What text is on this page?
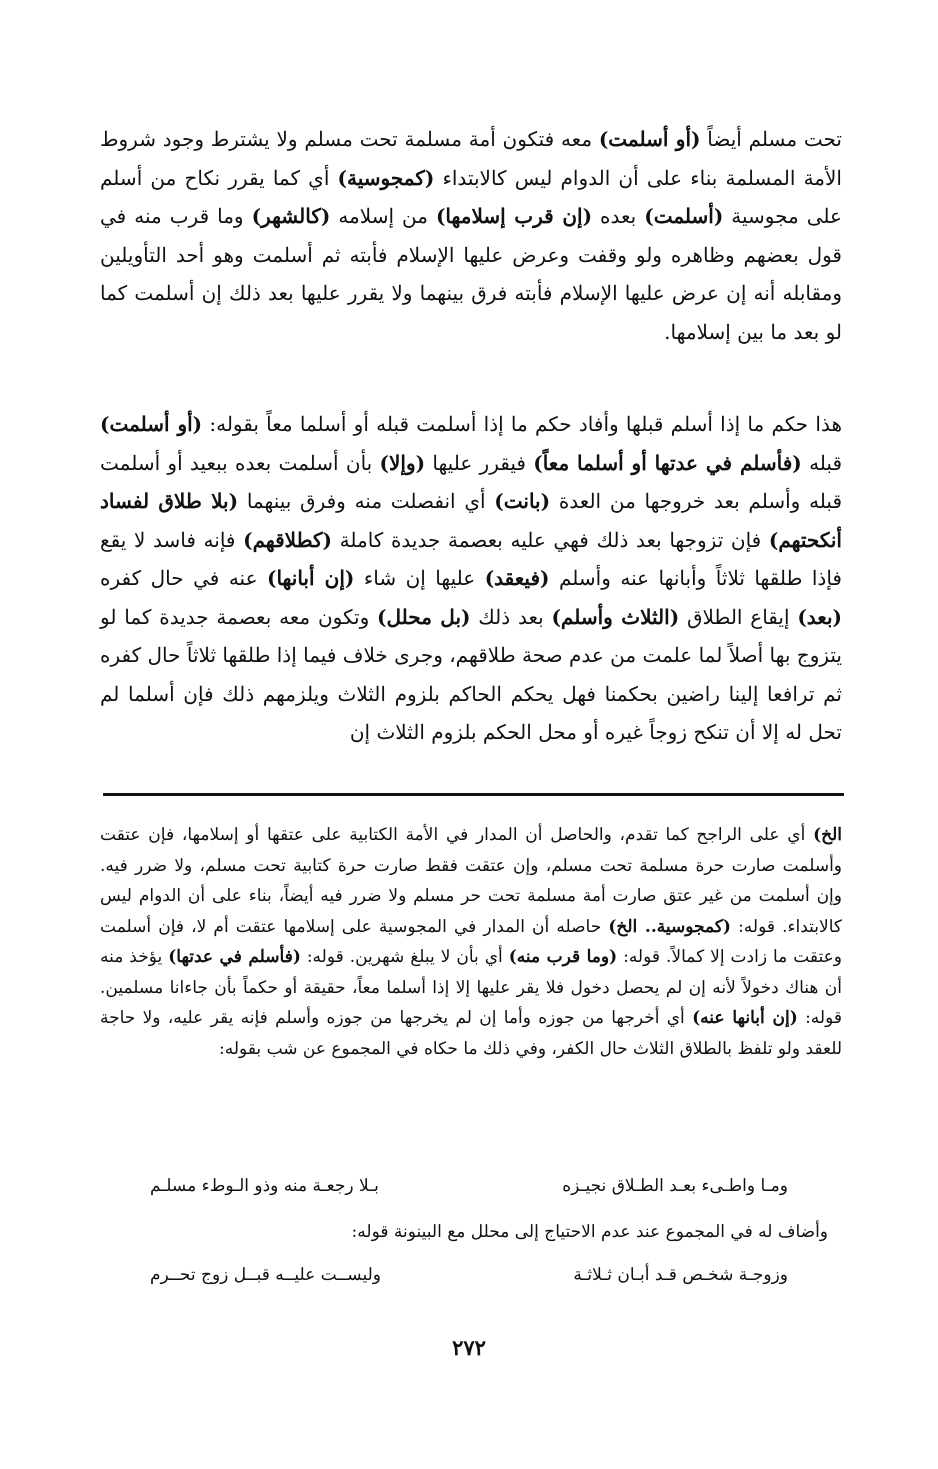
تحت مسلم أيضاً (أو أسلمت) معه فتكون أمة مسلمة تحت مسلم ولا يشترط وجود شروط الأمة المسلمة بناء على أن الدوام ليس كالابتداء (كمجوسية) أي كما يقرر نكاح من أسلم على مجوسية (أسلمت) بعده (إن قرب إسلامها) من إسلامه (كالشهر) وما قرب منه في قول بعضهم وظاهره ولو وقفت وعرض عليها الإسلام فأبته ثم أسلمت وهو أحد التأويلين ومقابله أنه إن عرض عليها الإسلام فأبته فرق بينهما ولا يقرر عليها بعد ذلك إن أسلمت كما لو بعد ما بين إسلامها.
هذا حكم ما إذا أسلم قبلها وأفاد حكم ما إذا أسلمت قبله أو أسلما معاً بقوله: (أو أسلمت) قبله (فأسلم في عدتها أو أسلما معاً) فيقرر عليها (وإلا) بأن أسلمت بعده ببعيد أو أسلمت قبله وأسلم بعد خروجها من العدة (بانت) أي انفصلت منه وفرق بينهما (بلا طلاق لفساد أنكحتهم) فإن تزوجها بعد ذلك فهي عليه بعصمة جديدة كاملة (كطلاقهم) فإنه فاسد لا يقع فإذا طلقها ثلاثاً وأبانها عنه وأسلم (فيعقد) عليها إن شاء (إن أبانها) عنه في حال كفره (بعد) إيقاع الطلاق (الثلاث وأسلم) بعد ذلك (بل محلل) وتكون معه بعصمة جديدة كما لو يتزوج بها أصلاً لما علمت من عدم صحة طلاقهم، وجرى خلاف فيما إذا طلقها ثلاثاً حال كفره ثم ترافعا إلينا راضين بحكمنا فهل يحكم الحاكم بلزوم الثلاث ويلزمهم ذلك فإن أسلما لم تحل له إلا أن تنكح زوجاً غيره أو محل الحكم بلزوم الثلاث إن
الخ) أي على الراجح كما تقدم، والحاصل أن المدار في الأمة الكتابية على عتقها أو إسلامها، فإن عتقت وأسلمت صارت حرة مسلمة تحت مسلم، وإن عتقت فقط صارت حرة كتابية تحت مسلم، ولا ضرر فيه. وإن أسلمت من غير عتق صارت أمة مسلمة تحت حر مسلم ولا ضرر فيه أيضاً، بناء على أن الدوام ليس كالابتداء. قوله: (كمجوسية.. الخ) حاصله أن المدار في المجوسية على إسلامها عتقت أم لا، فإن أسلمت وعتقت ما زادت إلا كمالاً. قوله: (وما قرب منه) أي بأن لا يبلغ شهرين. قوله: (فأسلم في عدتها) يؤخذ منه أن هناك دخولاً لأنه إن لم يحصل دخول فلا يقر عليها إلا إذا أسلما معاً، حقيقة أو حكماً بأن جاءانا مسلمين. قوله: (إن أبانها عنه) أي أخرجها من جوزه وأما إن لم يخرجها من جوزه وأسلم فإنه يقر عليه، ولا حاجة للعقد ولو تلفظ بالطلاق الثلاث حال الكفر، وفي ذلك ما حكاه في المجموع عن شب بقوله:
ومـا واطـىء بعـد الطـلاق نجيـزه
بـلا رجعـة منه وذو الـوطء مسلـم
وأضاف له في المجموع عند عدم الاحتياج إلى محلل مع البينونة قوله:
وزوجـة شخـص قـد أبـان ثـلاثـة
وليســت عليــه قبــل زوج تحــرم
٢٧٢
